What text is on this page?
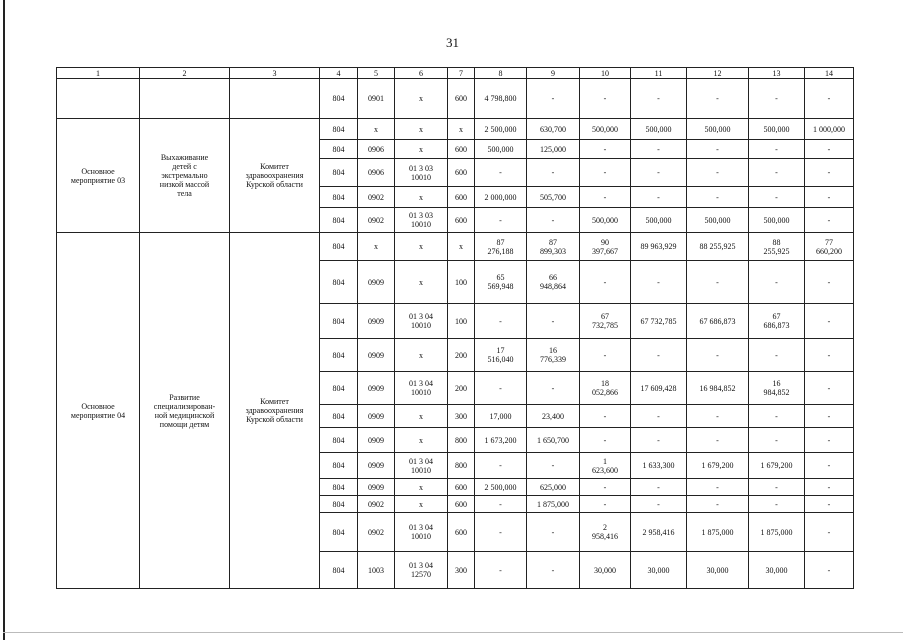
31
1	2	3	4	5	6	7	8	9	10	11	12	13	14
			804	0901	x	600	4 798,800	-	-	-	-	-	-
Основное
мероприятие 03	Выхаживание
детей с
экстремально
низкой массой
тела	Комитет
здравоохранения
Курской области	804	x	x	x	2 500,000	630,700	500,000	500,000	500,000	500,000	1 000,000
			804	0906	x	600	500,000	125,000	-	-	-	-	-
			804	0906	01 3 03
10010	600	-	-	-	-	-	-	-
			804	0902	x	600	2 000,000	505,700	-	-	-	-	-
			804	0902	01 3 03
10010	600	-	-	500,000	500,000	500,000	500,000	-
Основное
мероприятие 04	Развитие
специализирован-
ной медицинской
помощи детям	Комитет
здравоохранения
Курской области	804	x	x	x	87
276,188	87
899,303	90
397,667	89 963,929	88 255,925	88
255,925	77
660,200
			804	0909	x	100	65
569,948	66
948,864	-	-	-	-	-
			804	0909	01 3 04
10010	100	-	-	67
732,785	67 732,785	67 686,873	67
686,873	-
			804	0909	x	200	17
516,040	16
776,339	-	-	-	-	-
			804	0909	01 3 04
10010	200	-	-	18
052,866	17 609,428	16 984,852	16
984,852	-
			804	0909	x	300	17,000	23,400	-	-	-	-	-
			804	0909	x	800	1 673,200	1 650,700	-	-	-	-	-
			804	0909	01 3 04
10010	800	-	-	1
623,600	1 633,300	1 679,200	1 679,200	-
			804	0909	x	600	2 500,000	625,000	-	-	-	-	-
			804	0902	x	600	-	1 875,000	-	-	-	-	-
			804	0902	01 3 04
10010	600	-	-	2
958,416	2 958,416	1 875,000	1 875,000	-
			804	1003	01 3 04
12570	300	-	-	30,000	30,000	30,000	30,000	-
